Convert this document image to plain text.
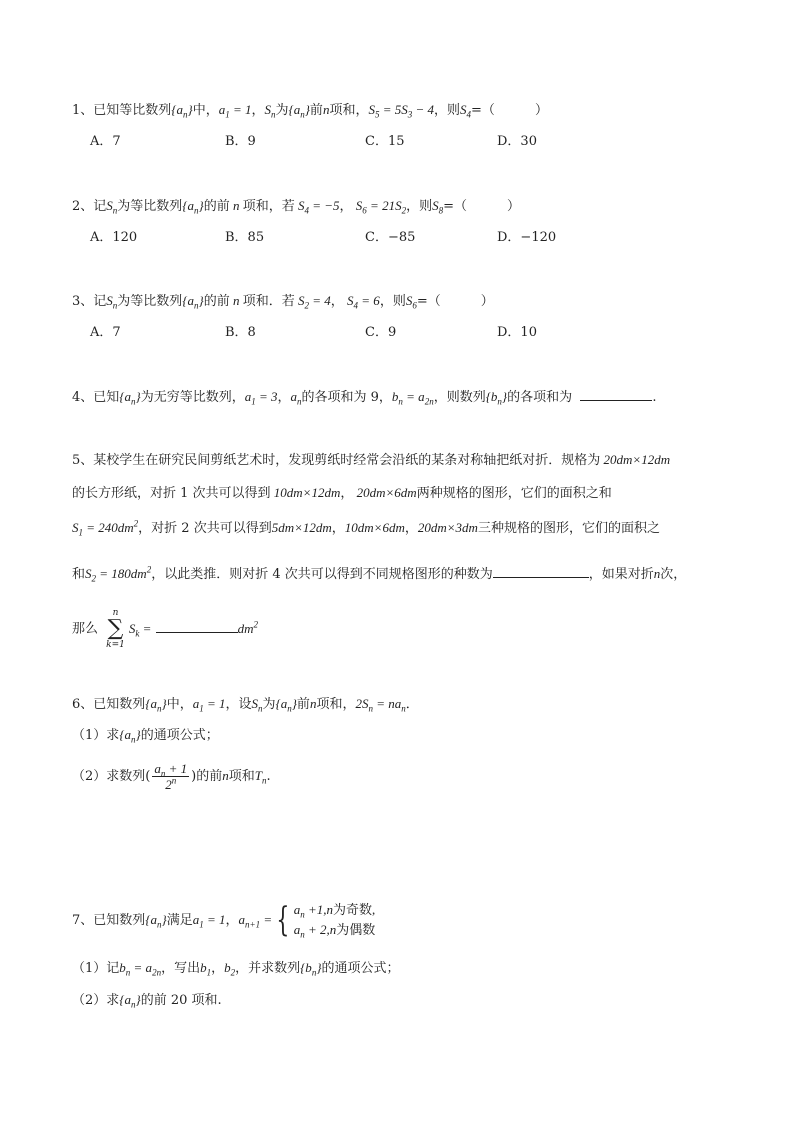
1、已知等比数列$\{a_n\}$中，$a_1 = 1$，$S_n$为$\{a_n\}$前n项和，$S_5 = 5S_3 - 4$，则$S_4=$（	）
A．7	B．9	C．15	D．30
2、记$S_n$为等比数列$\{a_n\}$的前 n 项和，若 $S_4 = -5$， $S_6 = 21S_2$，则$S_8=$（	）
A．120	B．85	C．−85	D．−120
3、记$S_n$为等比数列$\{a_n\}$的前 n 项和．若 $S_2 = 4$， $S_4 = 6$，则$S_6=$（	）
A．7	B．8	C．9	D．10
4、已知$\{a_n\}$为无穷等比数列，$a_1 = 3$，$a_n$的各项和为 9，$b_n = a_{2n}$，则数列$\{b_n\}$的各项和为	.
5、某校学生在研究民间剪纸艺术时，发现剪纸时经常会沿纸的某条对称轴把纸对折．规格为 20dm×12dm
的长方形纸，对折 1 次共可以得到 10dm×12dm， 20dm×6dm两种规格的图形，它们的面积之和
$S_1 = 240dm^2$，对折 2 次共可以得到5dm×12dm，10dm×6dm，20dm×3dm三种规格的图形，它们的面积之
和$S_2 = 180dm^2$，以此类推．则对折 4 次共可以得到不同规格图形的种数为	，如果对折n次，
那么
n
∑
k=1
$S_k$ =	$dm^2$
6、已知数列$\{a_n\}$中，$a_1 = 1$，设$S_n$为$\{a_n\}$前n项和，$2S_n = na_n$．
（1）求$\{a_n\}$的通项公式；
（2）求数列( $\frac{a_n + 1}{2^n}$ )的前n项和$T_n$.
7、已知数列$\{a_n\}$满足$a_1 = 1$，$a_{n+1}$ = { $a_n +1,n$为奇数,
$a_n + 2,n$为偶数
（1）记$b_n = a_{2n}$，写出$b_1$，$b_2$，并求数列$\{b_n\}$的通项公式；
（2）求$\{a_n\}$的前 20 项和.
